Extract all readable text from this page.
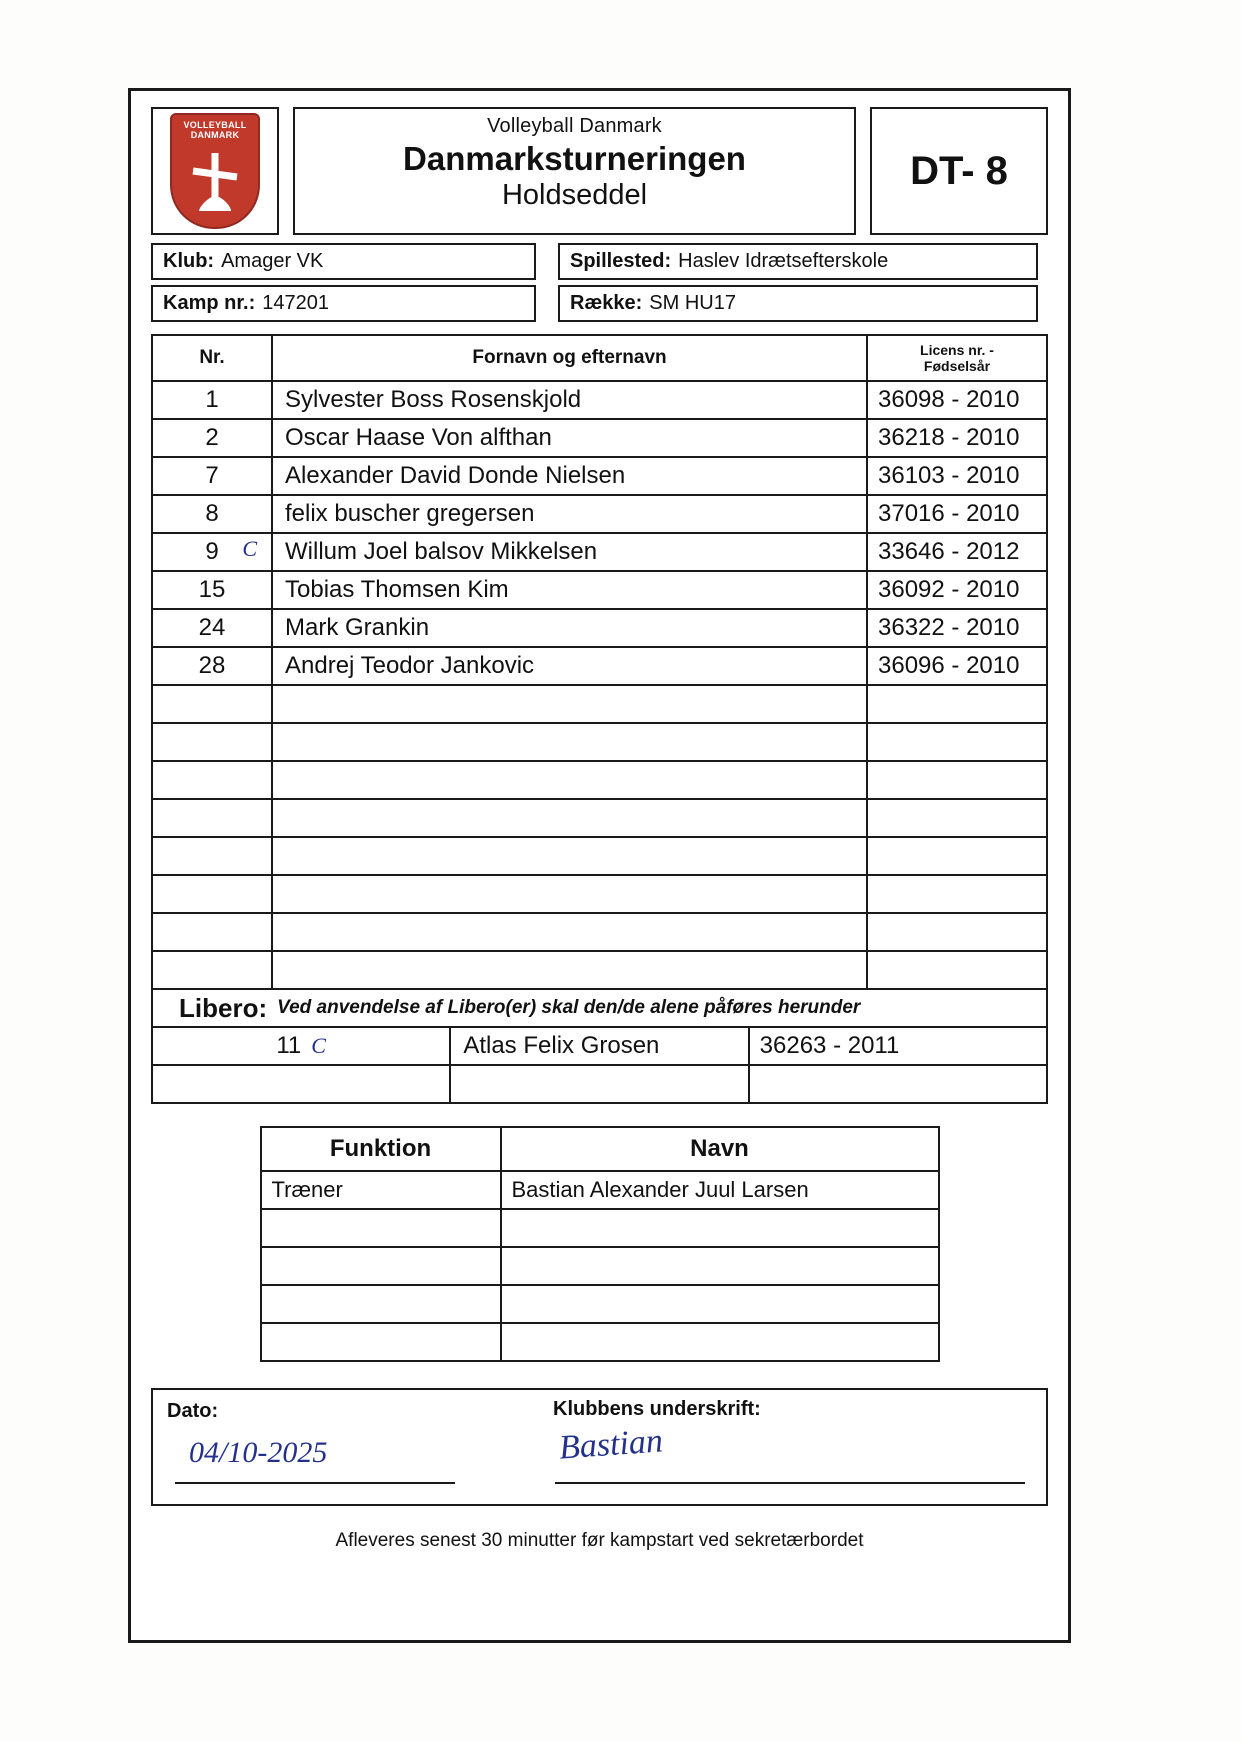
VOLLEYBALL
DANMARK	Volleyball Danmark
Danmarksturneringen
Holdseddel
DT- 8
Klub: Amager VK	Spillested: Haslev Idrætsefterskole
Kamp nr.: 147201	Række: SM HU17
Nr.	Fornavn og efternavn	Licens nr. -
Fødselsår

1	Sylvester Boss Rosenskjold	36098 - 2010
2	Oscar Haase Von alfthan	36218 - 2010
7	Alexander David Donde Nielsen	36103 - 2010
8	felix buscher gregersen	37016 - 2010
9 C	Willum Joel balsov Mikkelsen	33646 - 2012
15	Tobias Thomsen Kim	36092 - 2010
24	Mark Grankin	36322 - 2010
28	Andrej Teodor Jankovic	36096 - 2010

Libero: Ved anvendelse af Libero(er) skal den/de alene påføres herunder		

11 C	Atlas Felix Grosen	36263 - 2011

Funktion	Navn
Træner	Bastian Alexander Juul Larsen

Dato:	Klubbens underskrift:
04/10-2025	Bastian
Afleveres senest 30 minutter før kampstart ved sekretærbordet
